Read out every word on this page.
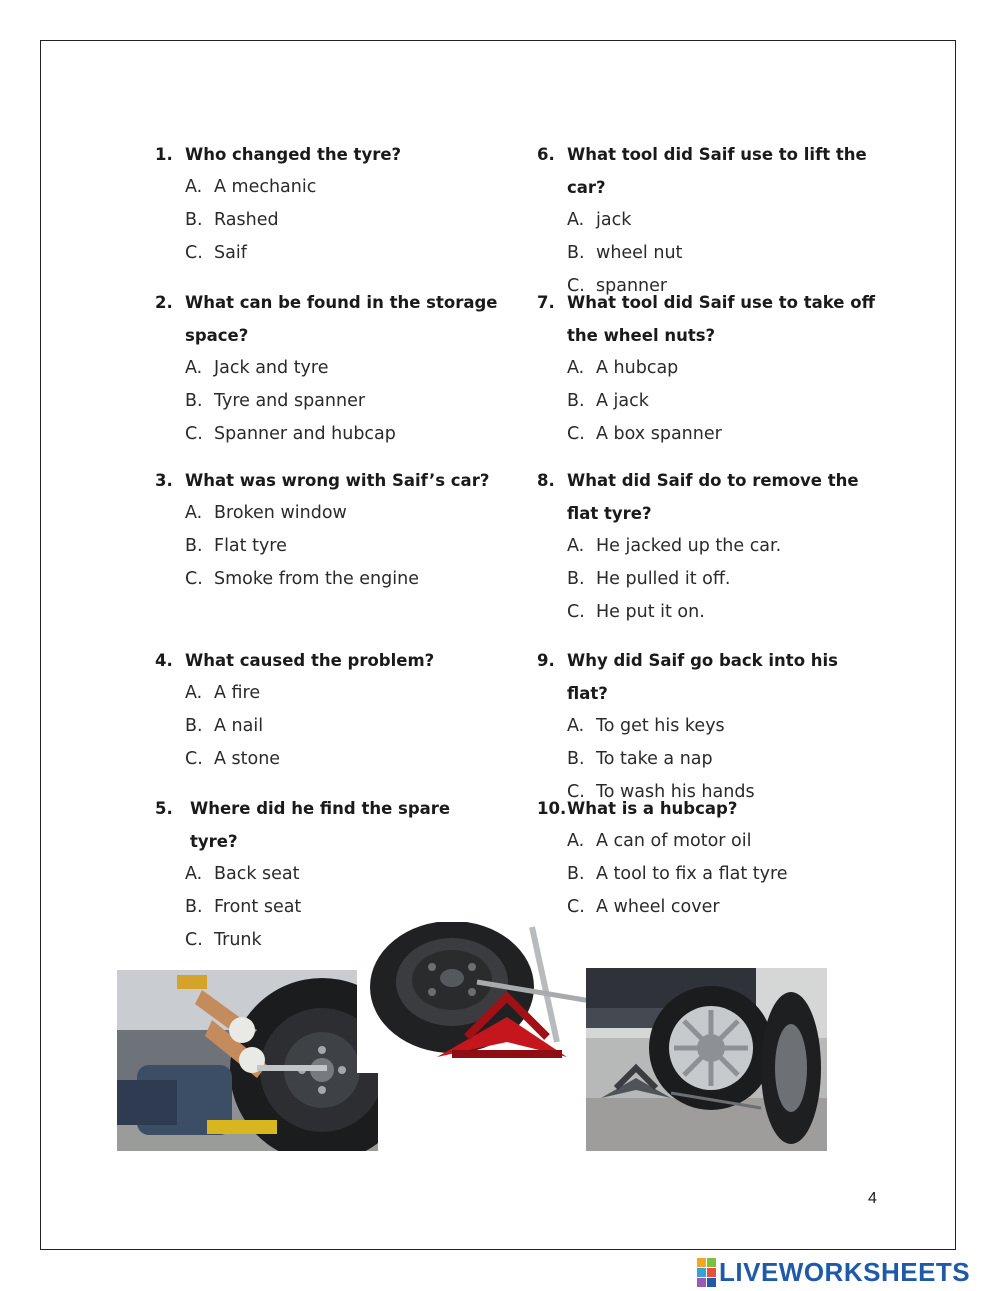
1. Who changed the tyre?
A. A mechanic
B. Rashed
C. Saif
2. What can be found in the storage space?
A. Jack and tyre
B. Tyre and spanner
C. Spanner and hubcap
3. What was wrong with Saif’s car?
A. Broken window
B. Flat tyre
C. Smoke from the engine
4. What caused the problem?
A. A fire
B. A nail
C. A stone
5.	Where did he find the spare tyre?
A. Back seat
B. Front seat
C. Trunk
6. What tool did Saif use to lift the car?
A. jack
B. wheel nut
C. spanner
7. What tool did Saif use to take off the wheel nuts?
A. A hubcap
B. A jack
C. A box spanner
8. What did Saif do to remove the flat tyre?
A. He jacked up the car.
B. He pulled it off.
C. He put it on.
9. Why did Saif go back into his flat?
A. To get his keys
B. To take a nap
C. To wash his hands
10. What is a hubcap?
A. A can of motor oil
B. A tool to fix a flat tyre
C. A wheel cover
4
LIVEWORKSHEETS
